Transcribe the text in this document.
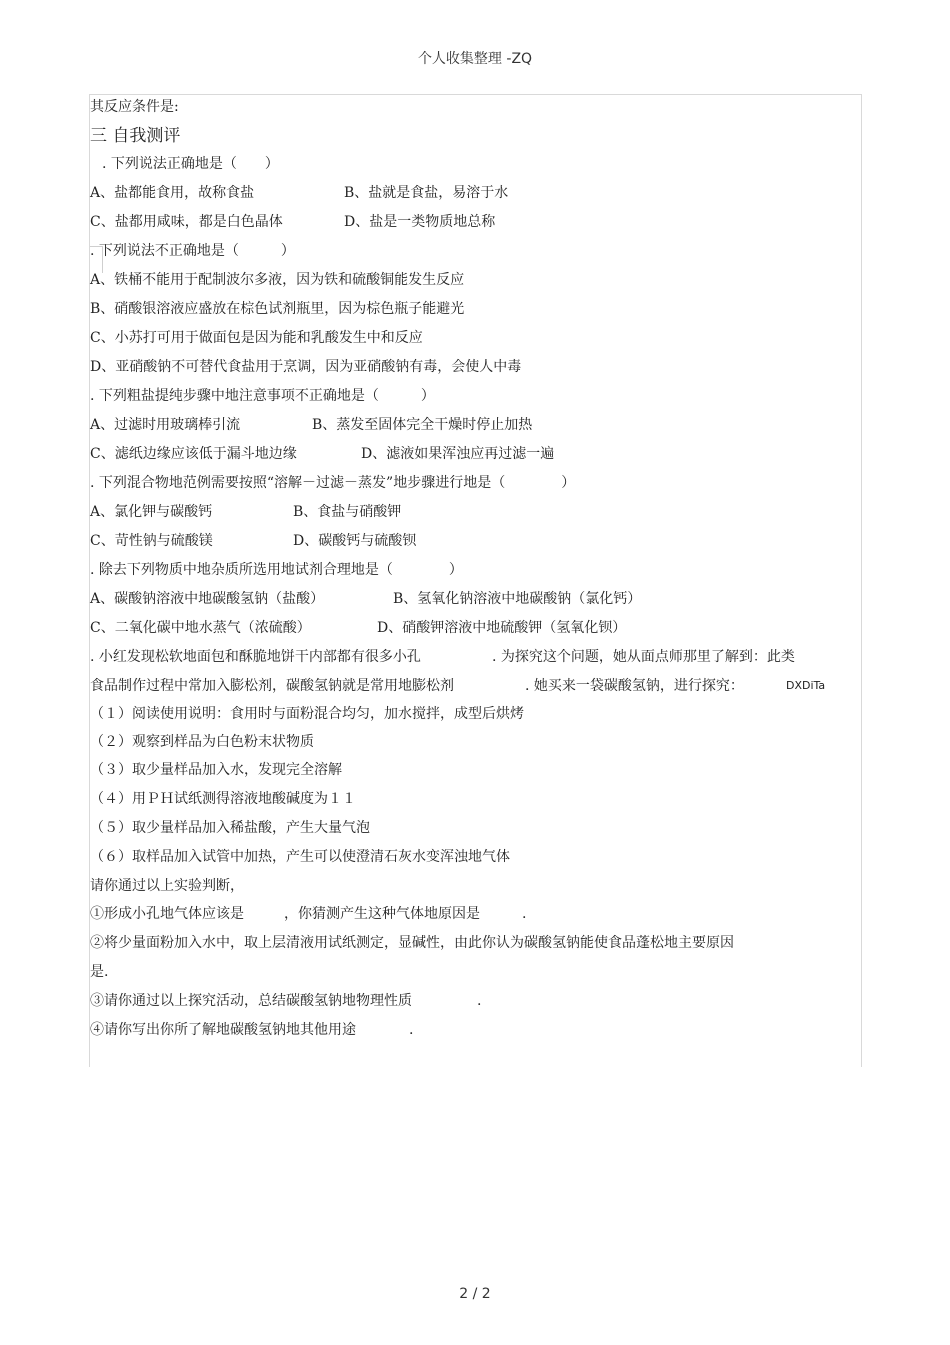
个人收集整理 -ZQ
其反应条件是:
三 自我测评
. 下列说法正确地是（　　）
A、盐都能食用，故称食盐	B、盐就是食盐，易溶于水
C、盐都用咸味，都是白色晶体	D、盐是一类物质地总称
. 下列说法不正确地是（　　　）
A、铁桶不能用于配制波尔多液，因为铁和硫酸铜能发生反应
B、硝酸银溶液应盛放在棕色试剂瓶里，因为棕色瓶子能避光
C、小苏打可用于做面包是因为能和乳酸发生中和反应
D、亚硝酸钠不可替代食盐用于烹调，因为亚硝酸钠有毒，会使人中毒
. 下列粗盐提纯步骤中地注意事项不正确地是（　　　）
A、过滤时用玻璃棒引流	B、蒸发至固体完全干燥时停止加热
C、滤纸边缘应该低于漏斗地边缘	D、滤液如果浑浊应再过滤一遍
. 下列混合物地范例需要按照“溶解－过滤－蒸发”地步骤进行地是（　　　　）
A、氯化钾与碳酸钙	B、食盐与硝酸钾
C、苛性钠与硫酸镁	D、碳酸钙与硫酸钡
. 除去下列物质中地杂质所选用地试剂合理地是（　　　　）
A、碳酸钠溶液中地碳酸氢钠（盐酸）	B、氢氧化钠溶液中地碳酸钠（氯化钙）
C、二氧化碳中地水蒸气（浓硫酸）	D、硝酸钾溶液中地硫酸钾（氢氧化钡）
. 小红发现松软地面包和酥脆地饼干内部都有很多小孔	. 为探究这个问题，她从面点师那里了解到：此类
食品制作过程中常加入膨松剂，碳酸氢钠就是常用地膨松剂	. 她买来一袋碳酸氢钠，进行探究：	DXDiTa
（１）阅读使用说明：食用时与面粉混合均匀，加水搅拌，成型后烘烤
（２）观察到样品为白色粉末状物质
（３）取少量样品加入水，发现完全溶解
（４）用ＰＨ试纸测得溶液地酸碱度为１１
（５）取少量样品加入稀盐酸，产生大量气泡
（６）取样品加入试管中加热，产生可以使澄清石灰水变浑浊地气体
请你通过以上实验判断，
①形成小孔地气体应该是	，你猜测产生这种气体地原因是	.
②将少量面粉加入水中，取上层清液用试纸测定，显碱性，由此你认为碳酸氢钠能使食品蓬松地主要原因
是.
③请你通过以上探究活动，总结碳酸氢钠地物理性质	.
④请你写出你所了解地碳酸氢钠地其他用途	.
2 / 2
